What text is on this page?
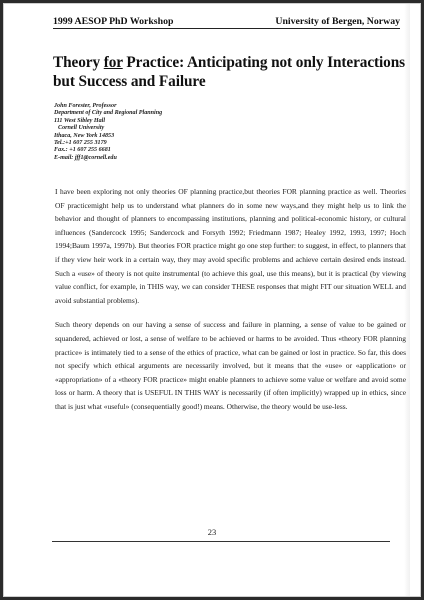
1999 AESOP PhD Workshop	University of Bergen, Norway
Theory for Practice: Anticipating not only Interactions but Success and Failure
John Forester, Professor
Department of City and Regional Planning
111 West Sibley Hall
Cornell University
Ithaca, New York 14853
Tel.:+1 607 255 3179
Fax.: +1 607 255 6681
E-mail: jff1@cornell.edu

I have been exploring not only theories OF planning practice,but theories FOR planning practice as well. Theories OF practicemight help us to understand what planners do in some new ways,and they might help us to link the behavior and thought of planners to encompassing institutions, planning and political-economic history, or cultural influences (Sandercock 1995; Sandercock and Forsyth 1992; Friedmann 1987; Healey 1992, 1993, 1997; Hoch 1994;Baum 1997a, 1997b). But theories FOR practice might go one step further: to suggest, in effect, to planners that if they view heir work in a certain way, they may avoid specific problems and achieve certain desired ends instead. Such a «use» of theory is not quite instrumental (to achieve this goal, use this means), but it is practical (by viewing value conflict, for example, in THIS way, we can consider THESE responses that might FIT our situation WELL and avoid substantial problems).

Such theory depends on our having a sense of success and failure in planning, a sense of value to be gained or squandered, achieved or lost, a sense of welfare to be achieved or harms to be avoided. Thus «theory FOR planning practice» is intimately tied to a sense of the ethics of practice, what can be gained or lost in practice. So far, this does not specify which ethical arguments are necessarily involved, but it means that the «use» or «application» or «appropriation» of a «theory FOR practice» might enable planners to achieve some value or welfare and avoid some loss or harm. A theory that is USEFUL IN THIS WAY is necessarily (if often implicitly) wrapped up in ethics, since that is just what «useful» (consequentially good!) means. Otherwise, the theory would be use-less.

23
